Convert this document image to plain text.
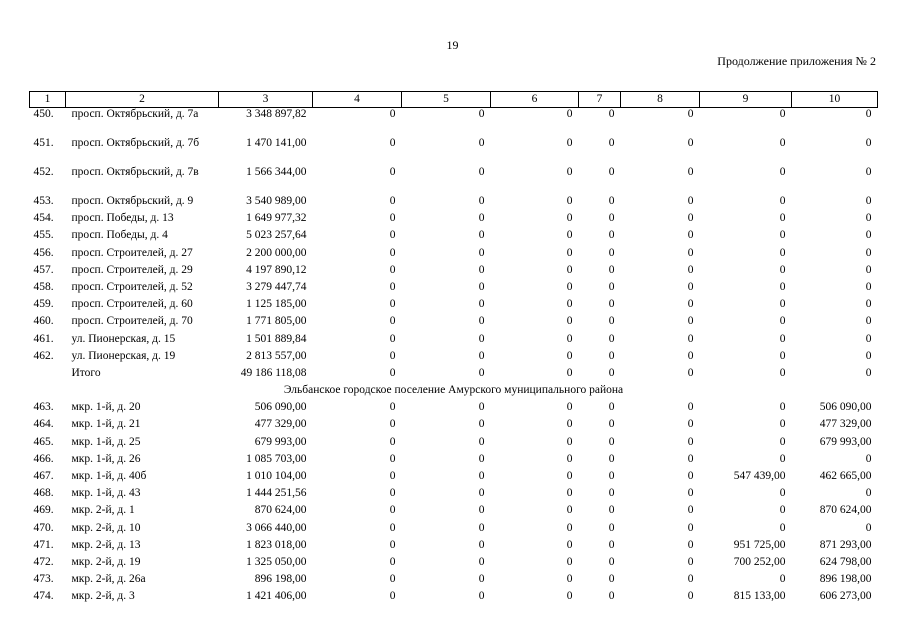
19
Продолжение приложения № 2
1	2	3	4	5	6	7	8	9	10
450.	просп. Октябрьский, д. 7а	3 348 897,82	0	0	0	0	0	0	0
451.	просп. Октябрьский, д. 7б	1 470 141,00	0	0	0	0	0	0	0
452.	просп. Октябрьский, д. 7в	1 566 344,00	0	0	0	0	0	0	0
453.	просп. Октябрьский, д. 9	3 540 989,00	0	0	0	0	0	0	0
454.	просп. Победы, д. 13	1 649 977,32	0	0	0	0	0	0	0
455.	просп. Победы, д. 4	5 023 257,64	0	0	0	0	0	0	0
456.	просп. Строителей, д. 27	2 200 000,00	0	0	0	0	0	0	0
457.	просп. Строителей, д. 29	4 197 890,12	0	0	0	0	0	0	0
458.	просп. Строителей, д. 52	3 279 447,74	0	0	0	0	0	0	0
459.	просп. Строителей, д. 60	1 125 185,00	0	0	0	0	0	0	0
460.	просп. Строителей, д. 70	1 771 805,00	0	0	0	0	0	0	0
461.	ул. Пионерская, д. 15	1 501 889,84	0	0	0	0	0	0	0
462.	ул. Пионерская, д. 19	2 813 557,00	0	0	0	0	0	0	0
	Итого	49 186 118,08	0	0	0	0	0	0	0
Эльбанское городское поселение Амурского муниципального района									
463.	мкр. 1-й, д. 20	506 090,00	0	0	0	0	0	0	506 090,00
464.	мкр. 1-й, д. 21	477 329,00	0	0	0	0	0	0	477 329,00
465.	мкр. 1-й, д. 25	679 993,00	0	0	0	0	0	0	679 993,00
466.	мкр. 1-й, д. 26	1 085 703,00	0	0	0	0	0	0	0
467.	мкр. 1-й, д. 40б	1 010 104,00	0	0	0	0	0	547 439,00	462 665,00
468.	мкр. 1-й, д. 43	1 444 251,56	0	0	0	0	0	0	0
469.	мкр. 2-й, д. 1	870 624,00	0	0	0	0	0	0	870 624,00
470.	мкр. 2-й, д. 10	3 066 440,00	0	0	0	0	0	0	0
471.	мкр. 2-й, д. 13	1 823 018,00	0	0	0	0	0	951 725,00	871 293,00
472.	мкр. 2-й, д. 19	1 325 050,00	0	0	0	0	0	700 252,00	624 798,00
473.	мкр. 2-й, д. 26а	896 198,00	0	0	0	0	0	0	896 198,00
474.	мкр. 2-й, д. 3	1 421 406,00	0	0	0	0	0	815 133,00	606 273,00
